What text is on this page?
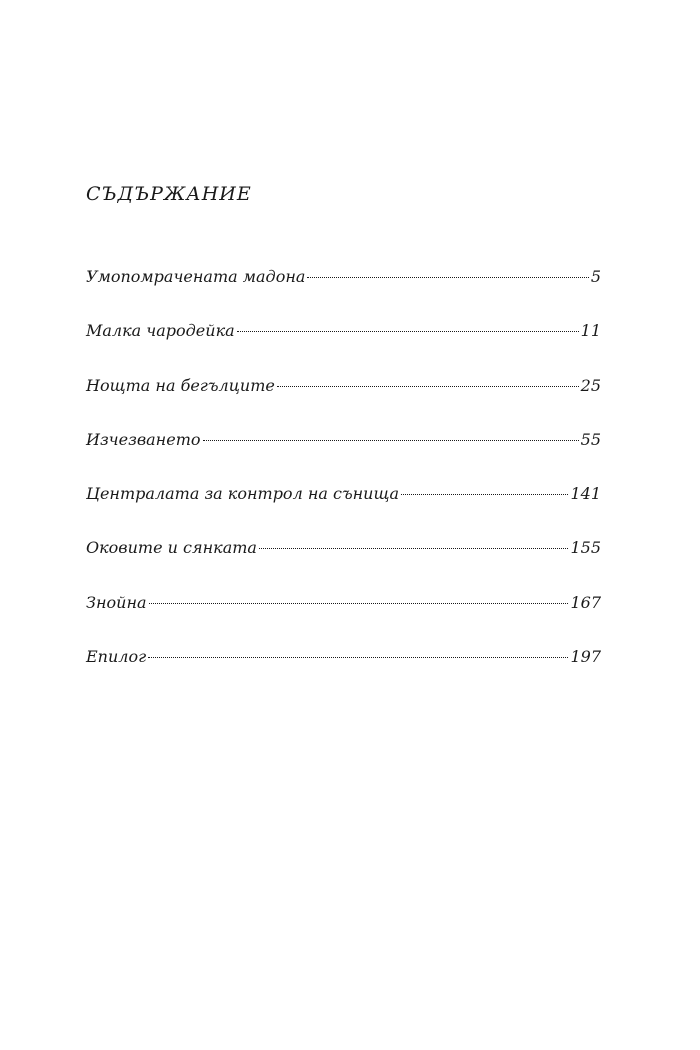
СЪДЪРЖАНИЕ
Умопомрачената мадона	5
Малка чародейка	11
Нощта на бегълците	25
Изчезването	55
Централата за контрол на сънища	141
Оковите и сянката	155
Знойна	167
Епилог	197
